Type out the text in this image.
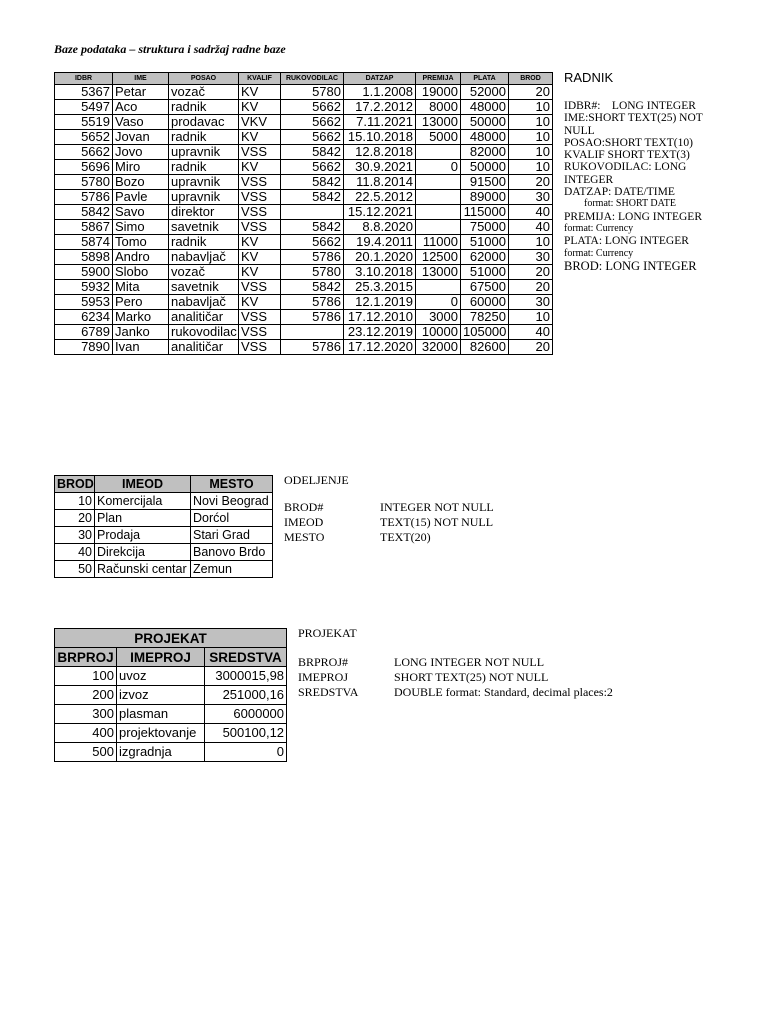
Baze podataka – struktura i sadržaj radne baze
IDBR	IME	POSAO	KVALIF	RUKOVODILAC	DATZAP	PREMIJA	PLATA	BROD
5367	Petar	vozač	KV	5780	1.1.2008	19000	52000	20
5497	Aco	radnik	KV	5662	17.2.2012	8000	48000	10
5519	Vaso	prodavac	VKV	5662	7.11.2021	13000	50000	10
5652	Jovan	radnik	KV	5662	15.10.2018	5000	48000	10
5662	Jovo	upravnik	VSS	5842	12.8.2018		82000	10
5696	Miro	radnik	KV	5662	30.9.2021	0	50000	10
5780	Bozo	upravnik	VSS	5842	11.8.2014		91500	20
5786	Pavle	upravnik	VSS	5842	22.5.2012		89000	30
5842	Savo	direktor	VSS		15.12.2021		115000	40
5867	Simo	savetnik	VSS	5842	8.8.2020		75000	40
5874	Tomo	radnik	KV	5662	19.4.2011	11000	51000	10
5898	Andro	nabavljač	KV	5786	20.1.2020	12500	62000	30
5900	Slobo	vozač	KV	5780	3.10.2018	13000	51000	20
5932	Mita	savetnik	VSS	5842	25.3.2015		67500	20
5953	Pero	nabavljač	KV	5786	12.1.2019	0	60000	30
6234	Marko	analitičar	VSS	5786	17.12.2010	3000	78250	10
6789	Janko	rukovodilac	VSS		23.12.2019	10000	105000	40
7890	Ivan	analitičar	VSS	5786	17.12.2020	32000	82600	20
RADNIK
IDBR#:    LONG INTEGER
IME:SHORT TEXT(25) NOT NULL
POSAO:SHORT TEXT(10)
KVALIF SHORT TEXT(3)
RUKOVODILAC: LONG INTEGER
DATZAP: DATE/TIME
format: SHORT DATE
PREMIJA: LONG INTEGER
format: Currency
PLATA: LONG INTEGER
format: Currency
BROD: LONG INTEGER
BROD	IMEOD	MESTO
10	Komercijala	Novi Beograd
20	Plan	Dorćol
30	Prodaja	Stari Grad
40	Direkcija	Banovo Brdo
50	Računski centar	Zemun
ODELJENJE
BROD#	INTEGER NOT NULL
IMEOD	TEXT(15) NOT NULL
MESTO	TEXT(20)
PROJEKAT		
BRPROJ	IMEPROJ	SREDSTVA
100	uvoz	3000015,98
200	izvoz	251000,16
300	plasman	6000000
400	projektovanje	500100,12
500	izgradnja	0
PROJEKAT
BRPROJ#	LONG INTEGER NOT NULL
IMEPROJ	SHORT TEXT(25) NOT NULL
SREDSTVA	DOUBLE format: Standard, decimal places:2
